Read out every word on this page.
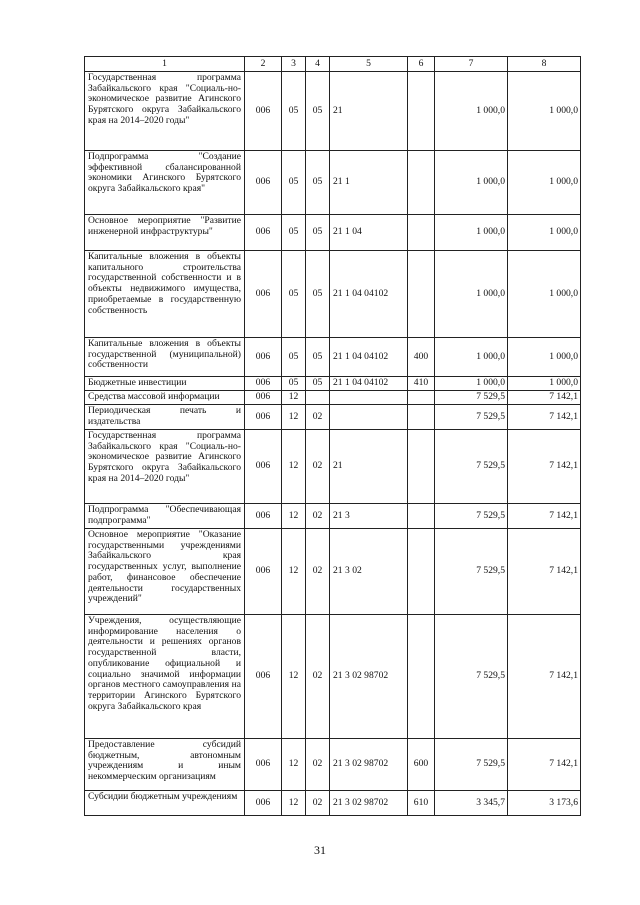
1	2	3	4	5	6	7	8
Государственная программа Забайкальского края "Социаль-но-экономическое развитие Агинского Бурятского округа Забайкальского края на 2014–2020 годы"	006	05	05	21		1 000,0	1 000,0
Подпрограмма "Создание эффективной сбалансированной экономики Агинского Бурятского округа Забайкальского края"	006	05	05	21 1		1 000,0	1 000,0
Основное мероприятие "Развитие инженерной инфраструктуры"	006	05	05	21 1 04		1 000,0	1 000,0
Капитальные вложения в объекты капитального строительства государственной собственности и в объекты недвижимого имущества, приобретаемые в государственную собственность	006	05	05	21 1 04 04102		1 000,0	1 000,0
Капитальные вложения в объекты государственной (муниципальной) собственности	006	05	05	21 1 04 04102	400	1 000,0	1 000,0
Бюджетные инвестиции	006	05	05	21 1 04 04102	410	1 000,0	1 000,0
Средства массовой информации	006	12				7 529,5	7 142,1
Периодическая печать и издательства	006	12	02			7 529,5	7 142,1
Государственная программа Забайкальского края "Социаль-но-экономическое развитие Агинского Бурятского округа Забайкальского края на 2014–2020 годы"	006	12	02	21		7 529,5	7 142,1
Подпрограмма "Обеспечивающая подпрограмма"	006	12	02	21 3		7 529,5	7 142,1
Основное мероприятие "Оказание государственными учреждениями Забайкальского края государственных услуг, выполнение работ, финансовое обеспечение деятельности государственных учреждений"	006	12	02	21 3 02		7 529,5	7 142,1
Учреждения, осуществляющие информирование населения о деятельности и решениях органов государственной власти, опубликование официальной и социально значимой информации органов местного самоуправления на территории Агинского Бурятского округа Забайкальского края	006	12	02	21 3 02 98702		7 529,5	7 142,1
Предоставление субсидий бюджетным, автономным учреждениям и иным некоммерческим организациям	006	12	02	21 3 02 98702	600	7 529,5	7 142,1
Субсидии бюджетным учреждениям	006	12	02	21 3 02 98702	610	3 345,7	3 173,6
31
